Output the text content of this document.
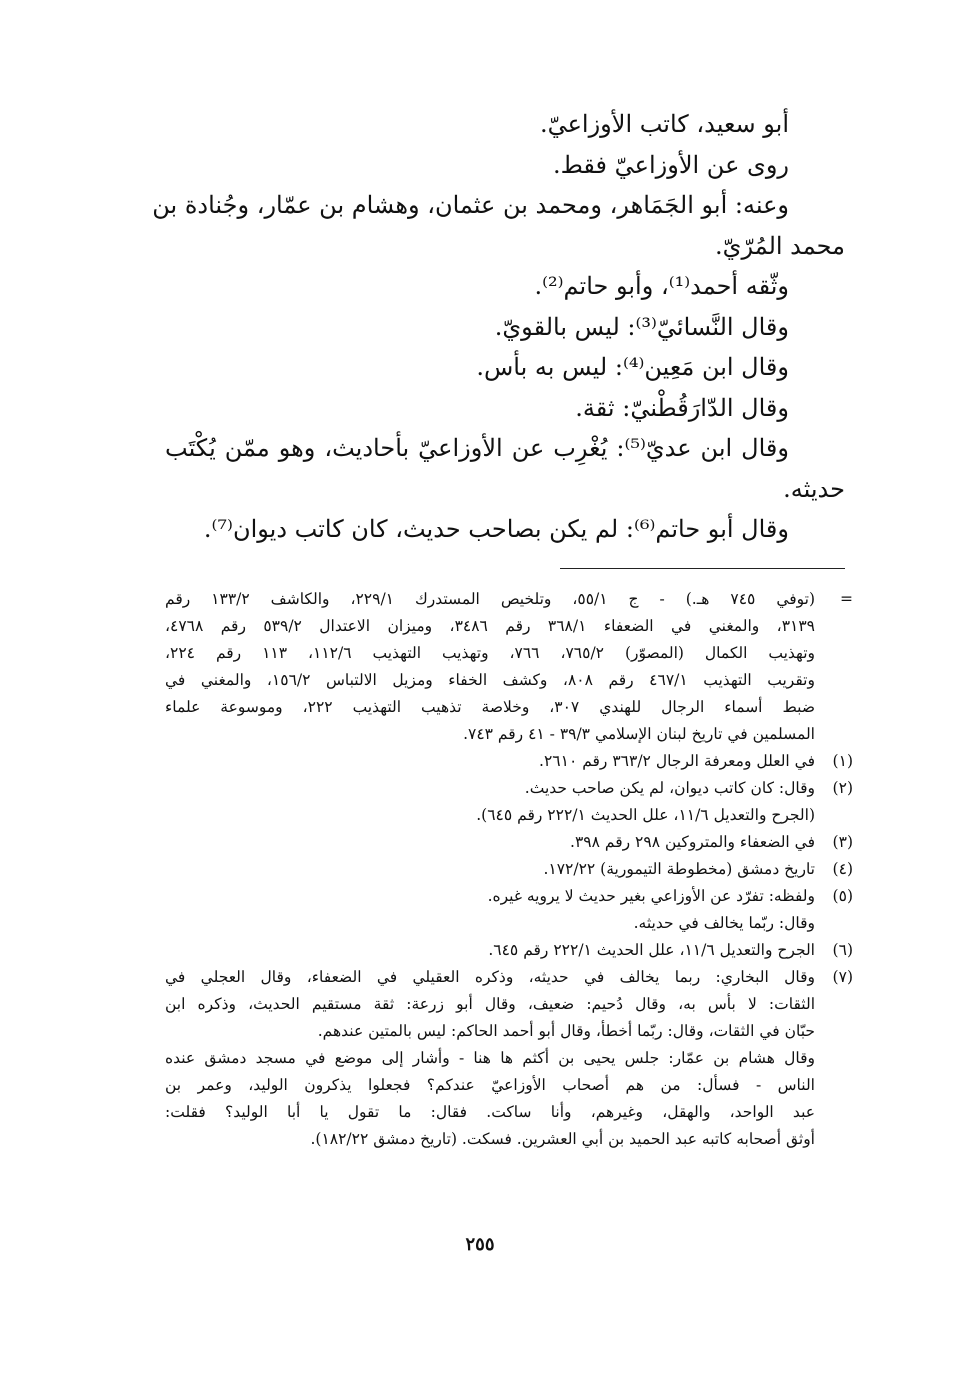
أبو سعيد، كاتب الأوزاعيّ.
روى عن الأوزاعيّ فقط.
وعنه: أبو الجَمَاهر، ومحمد بن عثمان، وهشام بن عمّار، وجُنادة بن
محمد المُرّيّ.
وثّقه أحمد⁽¹⁾، وأبو حاتم⁽²⁾.
وقال النَّسائيّ⁽³⁾: ليس بالقويّ.
وقال ابن مَعِين⁽⁴⁾: ليس به بأس.
وقال الدّارَقُطْنيّ: ثقة.
وقال ابن عديّ⁽⁵⁾: يُغْرِب عن الأوزاعيّ بأحاديث، وهو ممّن يُكْتَب
حديثه.
وقال أبو حاتم⁽⁶⁾: لم يكن بصاحب حديث، كان كاتب ديوان⁽⁷⁾.
=
(توفي ٧٤٥ هـ.) - ج ٥٥/١، وتلخيص المستدرك ٢٢٩/١، والكاشف ١٣٣/٢ رقم
٣١٣٩، والمغني في الضعفاء ٣٦٨/١ رقم ٣٤٨٦، وميزان الاعتدال ٥٣٩/٢ رقم ٤٧٦٨،
وتهذيب الكمال (المصوّر) ٧٦٥/٢، ٧٦٦، وتهذيب التهذيب ١١٢/٦، ١١٣ رقم ٢٢٤،
وتقريب التهذيب ٤٦٧/١ رقم ٨٠٨، وكشف الخفاء ومزيل الالتباس ١٥٦/٢، والمغني في
ضبط أسماء الرجال للهندي ٣٠٧، وخلاصة تذهيب التهذيب ٢٢٢، وموسوعة علماء
المسلمين في تاريخ لبنان الإسلامي ٣٩/٣ - ٤١ رقم ٧٤٣.
(١)
في العلل ومعرفة الرجال ٣٦٣/٢ رقم ٢٦١٠.
(٢)
وقال: كان كاتب ديوان، لم يكن صاحب حديث.
(الجرح والتعديل ١١/٦، علل الحديث ٢٢٢/١ رقم ٦٤٥).
(٣)
في الضعفاء والمتروكين ٢٩٨ رقم ٣٩٨.
(٤)
تاريخ دمشق (مخطوطة التيمورية) ١٧٢/٢٢.
(٥)
ولفظه: تفرّد عن الأوزاعي بغير حديث لا يرويه غيره.
وقال: ربّما يخالف في حديثه.
(٦)
الجرح والتعديل ١١/٦، علل الحديث ٢٢٢/١ رقم ٦٤٥.
(٧)
وقال البخاري: ربما يخالف في حديثه، وذكره العقيلي في الضعفاء، وقال العجلي في
الثقات: لا بأس به، وقال دُحيم: ضعيف، وقال أبو زرعة: ثقة مستقيم الحديث، وذكره ابن
حبّان في الثقات، وقال: ربّما أخطأ، وقال أبو أحمد الحاكم: ليس بالمتين عندهم.
وقال هشام بن عمّار: جلس يحيى بن أكثم ها هنا - وأشار إلى موضع في مسجد دمشق عنده
الناس - فسأل: من هم أصحاب الأوزاعيّ عندكم؟ فجعلوا يذكرون الوليد، وعمر بن
عبد الواحد، والهقل، وغيرهم، وأنا ساكت. فقال: ما تقول يا أبا الوليد؟ فقلت:
أوثق أصحابه كاتبه عبد الحميد بن أبي العشرين. فسكت. (تاريخ دمشق ١٨٢/٢٢).
٢٥٥
